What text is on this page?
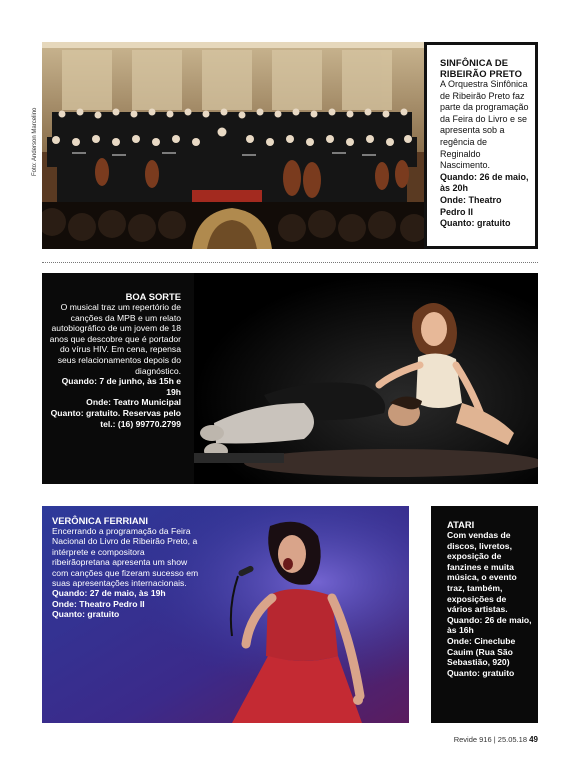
Foto: Anderson Marcelino
SINFÔNICA DE RIBEIRÃO PRETO
A Orquestra Sinfônica de Ribeirão Preto faz parte da programação da Feira do Livro e se apresenta sob a regência de Reginaldo Nascimento.
Quando: 26 de maio, às 20h
Onde: Theatro Pedro II
Quanto: gratuito
BOA SORTE
O musical traz um repertório de canções da MPB e um relato autobiográfico de um jovem de 18 anos que descobre que é portador do vírus HIV. Em cena, repensa seus relacionamentos depois do diagnóstico.
Quando: 7 de junho, às 15h e 19h
Onde: Teatro Municipal
Quanto: gratuito. Reservas pelo tel.: (16) 99770.2799
VERÔNICA FERRIANI
Encerrando a programação da Feira Nacional do Livro de Ribeirão Preto, a intérprete e compositora ribeirãopretana apresenta um show com canções que fizeram sucesso em suas apresentações internacionais.
Quando: 27 de maio, às 19h
Onde: Theatro Pedro II
Quanto: gratuito
ATARI
Com vendas de discos, livretos, exposição de fanzines e muita música, o evento traz, também, exposições de vários artistas.
Quando: 26 de maio, às 16h
Onde: Cineclube Cauim (Rua São Sebastião, 920)
Quanto: gratuito
Revide 916 | 25.05.18 49
